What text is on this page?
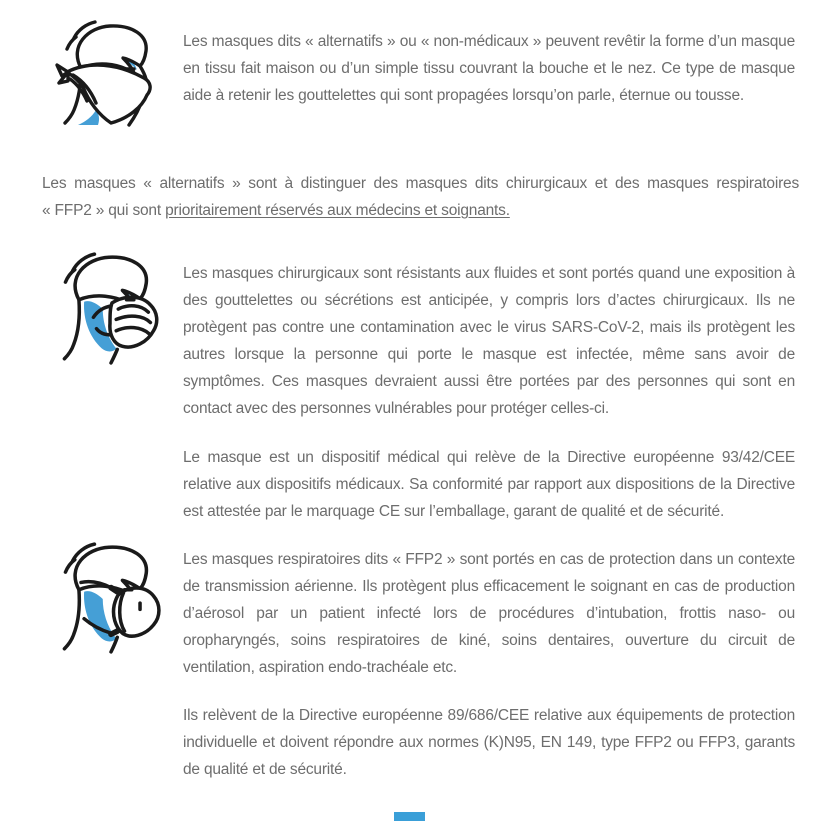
Les masques dits « alternatifs » ou « non-médicaux » peuvent revêtir la forme d’un masque en tissu fait maison ou d’un simple tissu couvrant la bouche et le nez. Ce type de masque aide à retenir les gouttelettes qui sont propagées lorsqu’on parle, éternue ou tousse.

Les masques « alternatifs » sont à distinguer des masques dits chirurgicaux et des masques respiratoires « FFP2 » qui sont prioritairement réservés aux médecins et soignants.

Les masques chirurgicaux sont résistants aux fluides et sont portés quand une exposition à des gouttelettes ou sécrétions est anticipée, y compris lors d’actes chirurgicaux. Ils ne protègent pas contre une contamination avec le virus SARS-CoV-2, mais ils protègent les autres lorsque la personne qui porte le masque est infectée, même sans avoir de symptômes. Ces masques devraient aussi être portées par des personnes qui sont en contact avec des personnes vulnérables pour protéger celles-ci.

Le masque est un dispositif médical qui relève de la Directive européenne 93/42/CEE relative aux dispositifs médicaux. Sa conformité par rapport aux dispositions de la Directive est attestée par le marquage CE sur l’emballage, garant de qualité et de sécurité.

Les masques respiratoires dits « FFP2 » sont portés en cas de protection dans un contexte de transmission aérienne. Ils protègent plus efficacement le soignant en cas de production d’aérosol par un patient infecté lors de procédures d’intubation, frottis naso- ou oropharyngés, soins respiratoires de kiné, soins dentaires, ouverture du circuit de ventilation, aspiration endo-trachéale etc.

Ils relèvent de la Directive européenne 89/686/CEE relative aux équipements de protection individuelle et doivent répondre aux normes (K)N95, EN 149, type FFP2 ou FFP3, garants de qualité et de sécurité.
